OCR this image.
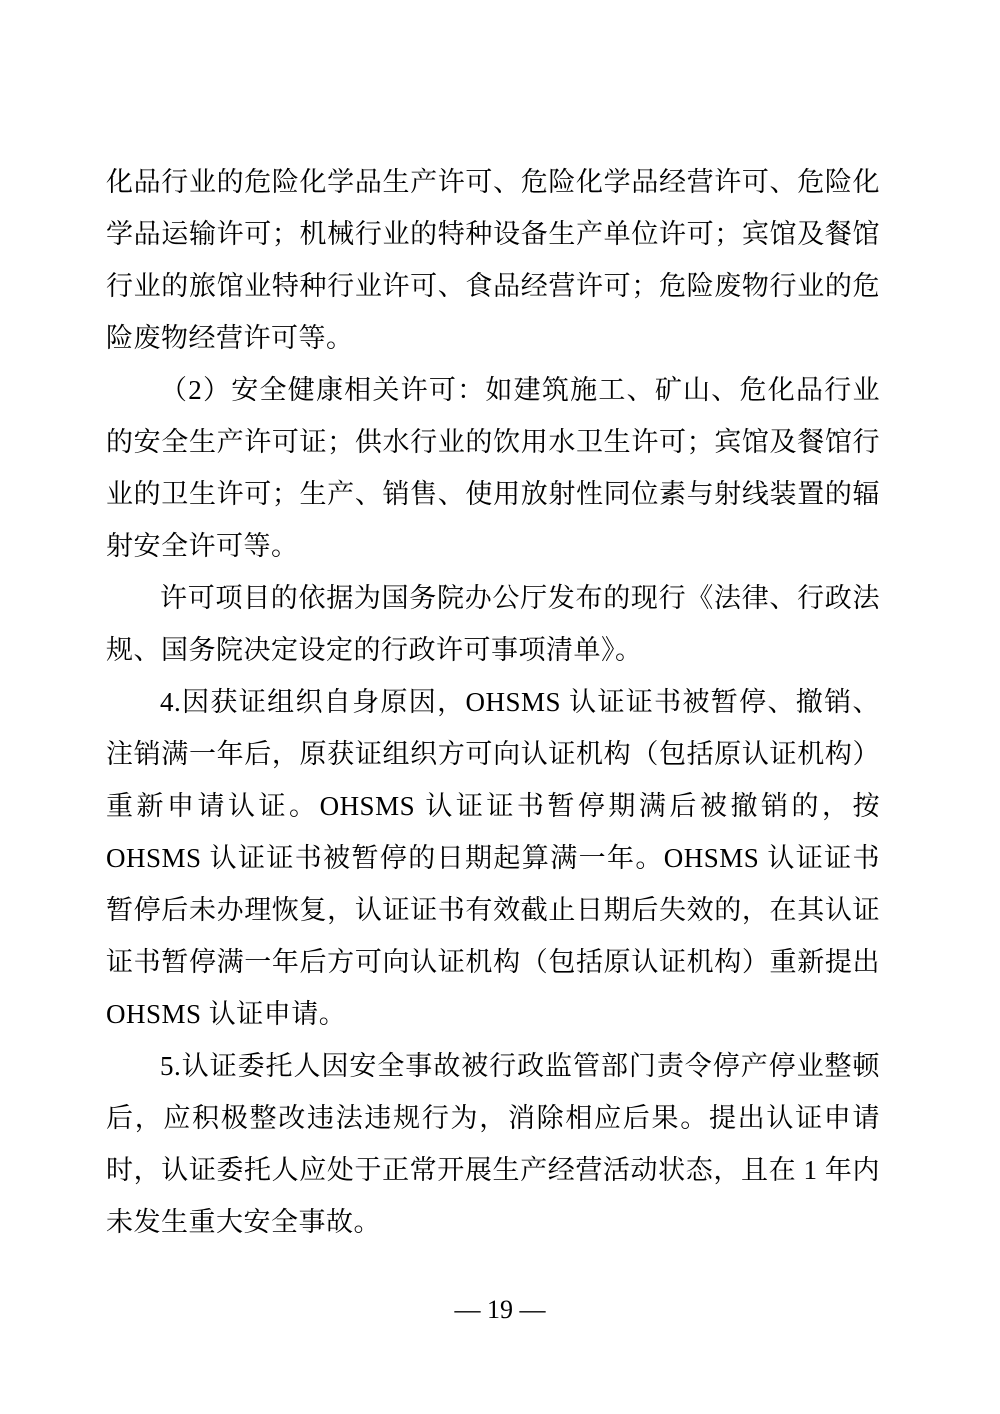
化品行业的危险化学品生产许可、危险化学品经营许可、危险化学品运输许可；机械行业的特种设备生产单位许可；宾馆及餐馆行业的旅馆业特种行业许可、食品经营许可；危险废物行业的危险废物经营许可等。

（2）安全健康相关许可：如建筑施工、矿山、危化品行业的安全生产许可证；供水行业的饮用水卫生许可；宾馆及餐馆行业的卫生许可；生产、销售、使用放射性同位素与射线装置的辐射安全许可等。

许可项目的依据为国务院办公厅发布的现行《法律、行政法规、国务院决定设定的行政许可事项清单》。

4.因获证组织自身原因，OHSMS 认证证书被暂停、撤销、注销满一年后，原获证组织方可向认证机构（包括原认证机构）重新申请认证。OHSMS 认证证书暂停期满后被撤销的，按 OHSMS 认证证书被暂停的日期起算满一年。OHSMS 认证证书暂停后未办理恢复，认证证书有效截止日期后失效的，在其认证证书暂停满一年后方可向认证机构（包括原认证机构）重新提出 OHSMS 认证申请。

5.认证委托人因安全事故被行政监管部门责令停产停业整顿后，应积极整改违法违规行为，消除相应后果。提出认证申请时，认证委托人应处于正常开展生产经营活动状态，且在 1 年内未发生重大安全事故。

— 19 —
